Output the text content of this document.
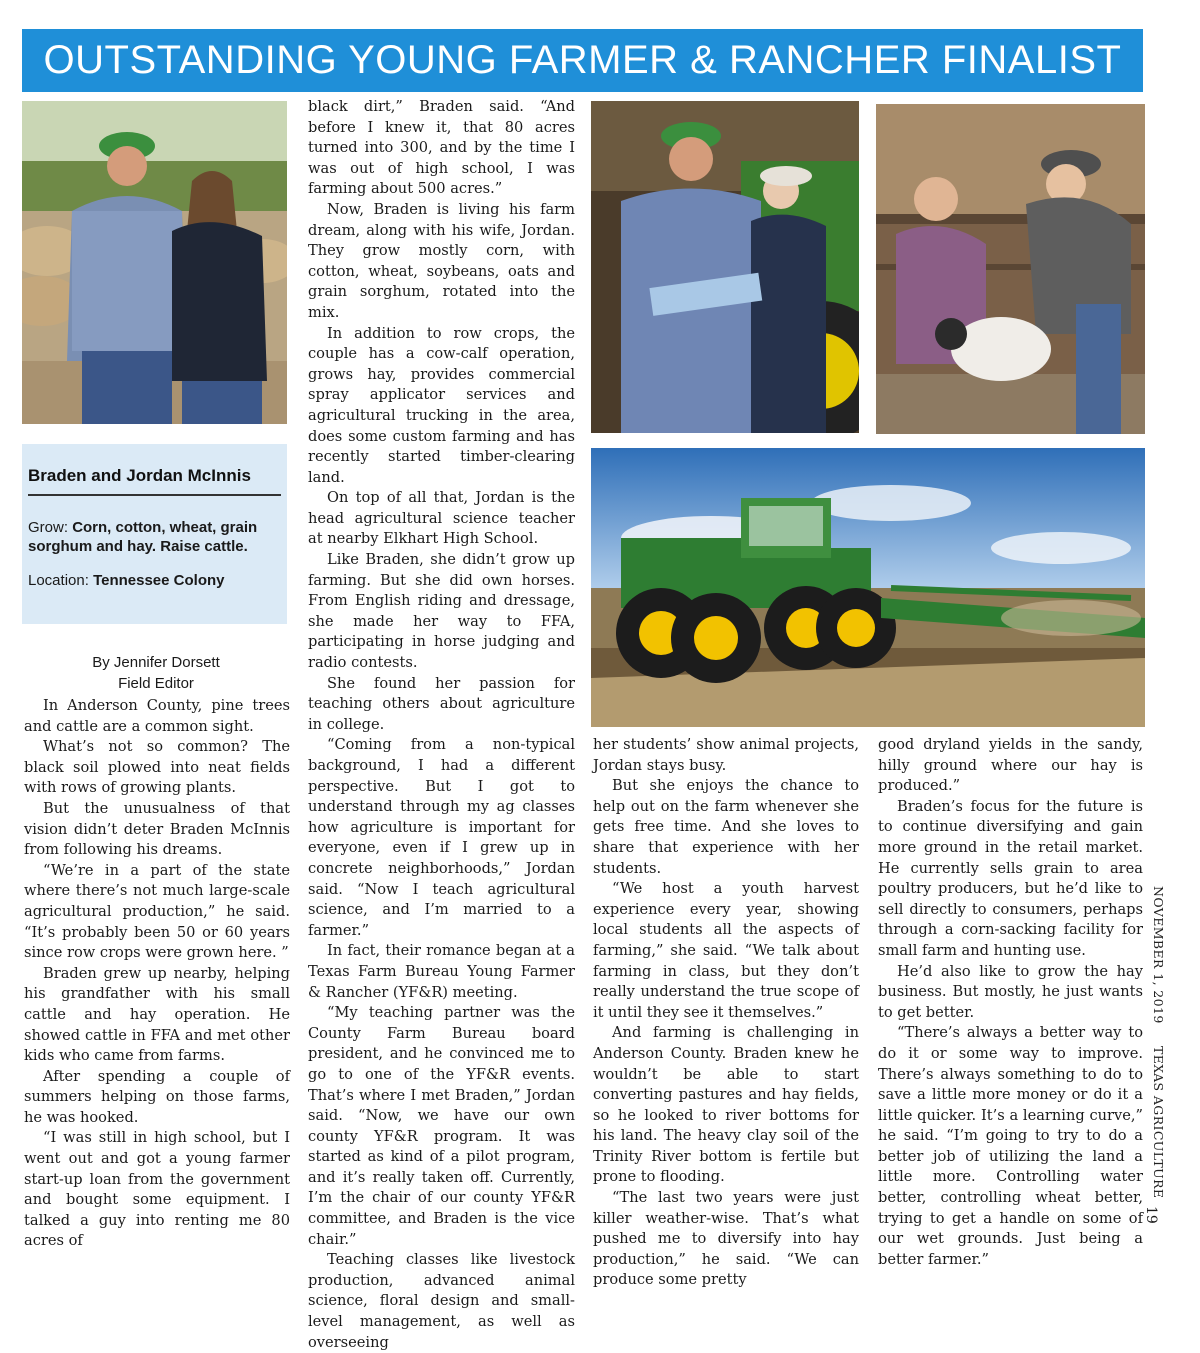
OUTSTANDING YOUNG FARMER & RANCHER FINALIST
Braden and Jordan McInnis
Grow: Corn, cotton, wheat, grain sorghum and hay. Raise cattle.
Location: Tennessee Colony
By Jennifer Dorsett
Field Editor

In Anderson County, pine trees and cattle are a common sight.

What’s not so common? The black soil plowed into neat fields with rows of growing plants.

But the unusualness of that vision didn’t deter Braden McInnis from following his dreams.

“We’re in a part of the state where there’s not much large-scale agricultural production,” he said. “It’s probably been 50 or 60 years since row crops were grown here. ”

Braden grew up nearby, helping his grandfather with his small cattle and hay operation. He showed cattle in FFA and met other kids who came from farms.

After spending a couple of summers helping on those farms, he was hooked.

“I was still in high school, but I went out and got a young farmer start-up loan from the government and bought some equipment. I talked a guy into renting me 80 acres of

black dirt,” Braden said. “And before I knew it, that 80 acres turned into 300, and by the time I was out of high school, I was farming about 500 acres.”

Now, Braden is living his farm dream, along with his wife, Jordan. They grow mostly corn, with cotton, wheat, soybeans, oats and grain sorghum, rotated into the mix.

In addition to row crops, the couple has a cow-calf operation, grows hay, provides commercial spray applicator services and agricultural trucking in the area, does some custom farming and has recently started timber-clearing land.

On top of all that, Jordan is the head agricultural science teacher at nearby Elkhart High School.

Like Braden, she didn’t grow up farming. But she did own horses. From English riding and dressage, she made her way to FFA, participating in horse judging and radio contests.

She found her passion for teaching others about agriculture in college.

“Coming from a non-typical background, I had a different perspective. But I got to understand through my ag classes how agriculture is important for everyone, even if I grew up in concrete neighborhoods,” Jordan said. “Now I teach agricultural science, and I’m married to a farmer.”

In fact, their romance began at a Texas Farm Bureau Young Farmer & Rancher (YF&R) meeting.

“My teaching partner was the County Farm Bureau board president, and he convinced me to go to one of the YF&R events. That’s where I met Braden,” Jordan said. “Now, we have our own county YF&R program. It was started as kind of a pilot program, and it’s really taken off. Currently, I’m the chair of our county YF&R committee, and Braden is the vice chair.”

Teaching classes like livestock production, advanced animal science, floral design and small-level management, as well as overseeing

her students’ show animal projects, Jordan stays busy.

But she enjoys the chance to help out on the farm whenever she gets free time. And she loves to share that experience with her students.

“We host a youth harvest experience every year, showing local students all the aspects of farming,” she said. “We talk about farming in class, but they don’t really understand the true scope of it until they see it themselves.”

And farming is challenging in Anderson County. Braden knew he wouldn’t be able to start converting pastures and hay fields, so he looked to river bottoms for his land. The heavy clay soil of the Trinity River bottom is fertile but prone to flooding.

“The last two years were just killer weather-wise. That’s what pushed me to diversify into hay production,” he said. “We can produce some pretty

good dryland yields in the sandy, hilly ground where our hay is produced.”

Braden’s focus for the future is to continue diversifying and gain more ground in the retail market. He currently sells grain to area poultry producers, but he’d like to sell directly to consumers, perhaps through a corn-sacking facility for small farm and hunting use.

He’d also like to grow the hay business. But mostly, he just wants to get better.

“There’s always a better way to do it or some way to improve. There’s always something to do to save a little more money or do it a little quicker. It’s a learning curve,” he said. “I’m going to try to do a better job of utilizing the land a little more. Controlling water better, controlling wheat better, trying to get a handle on some of our wet grounds. Just being a better farmer.”

NOVEMBER 1, 2019
TEXAS AGRICULTURE
19
